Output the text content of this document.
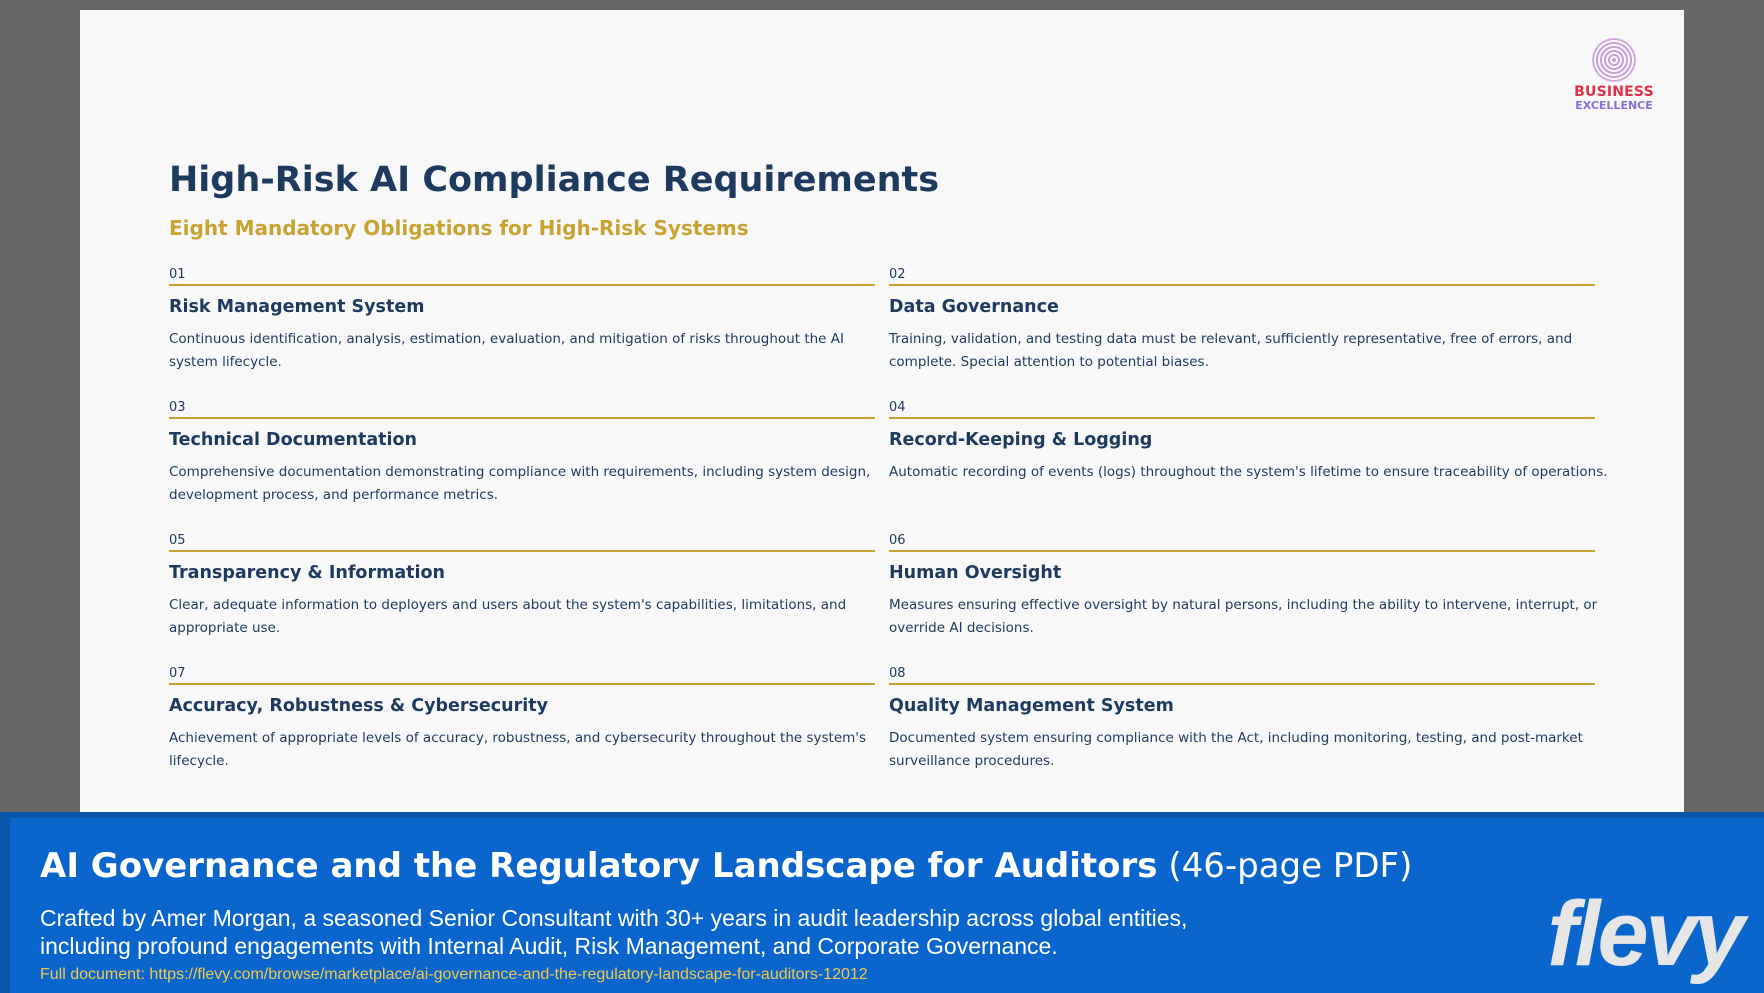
BUSINESS
EXCELLENCE
High-Risk AI Compliance Requirements
Eight Mandatory Obligations for High-Risk Systems
01
Risk Management System
Continuous identification, analysis, estimation, evaluation, and mitigation of risks throughout the AI system lifecycle.
02
Data Governance
Training, validation, and testing data must be relevant, sufficiently representative, free of errors, and complete. Special attention to potential biases.
03
Technical Documentation
Comprehensive documentation demonstrating compliance with requirements, including system design, development process, and performance metrics.
04
Record-Keeping & Logging
Automatic recording of events (logs) throughout the system's lifetime to ensure traceability of operations.
05
Transparency & Information
Clear, adequate information to deployers and users about the system's capabilities, limitations, and appropriate use.
06
Human Oversight
Measures ensuring effective oversight by natural persons, including the ability to intervene, interrupt, or override AI decisions.
07
Accuracy, Robustness & Cybersecurity
Achievement of appropriate levels of accuracy, robustness, and cybersecurity throughout the system's lifecycle.
08
Quality Management System
Documented system ensuring compliance with the Act, including monitoring, testing, and post-market surveillance procedures.
AI Governance and the Regulatory Landscape for Auditors (46-page PDF)
Crafted by Amer Morgan, a seasoned Senior Consultant with 30+ years in audit leadership across global entities, including profound engagements with Internal Audit, Risk Management, and Corporate Governance.
Full document: https://flevy.com/browse/marketplace/ai-governance-and-the-regulatory-landscape-for-auditors-12012	flevy
